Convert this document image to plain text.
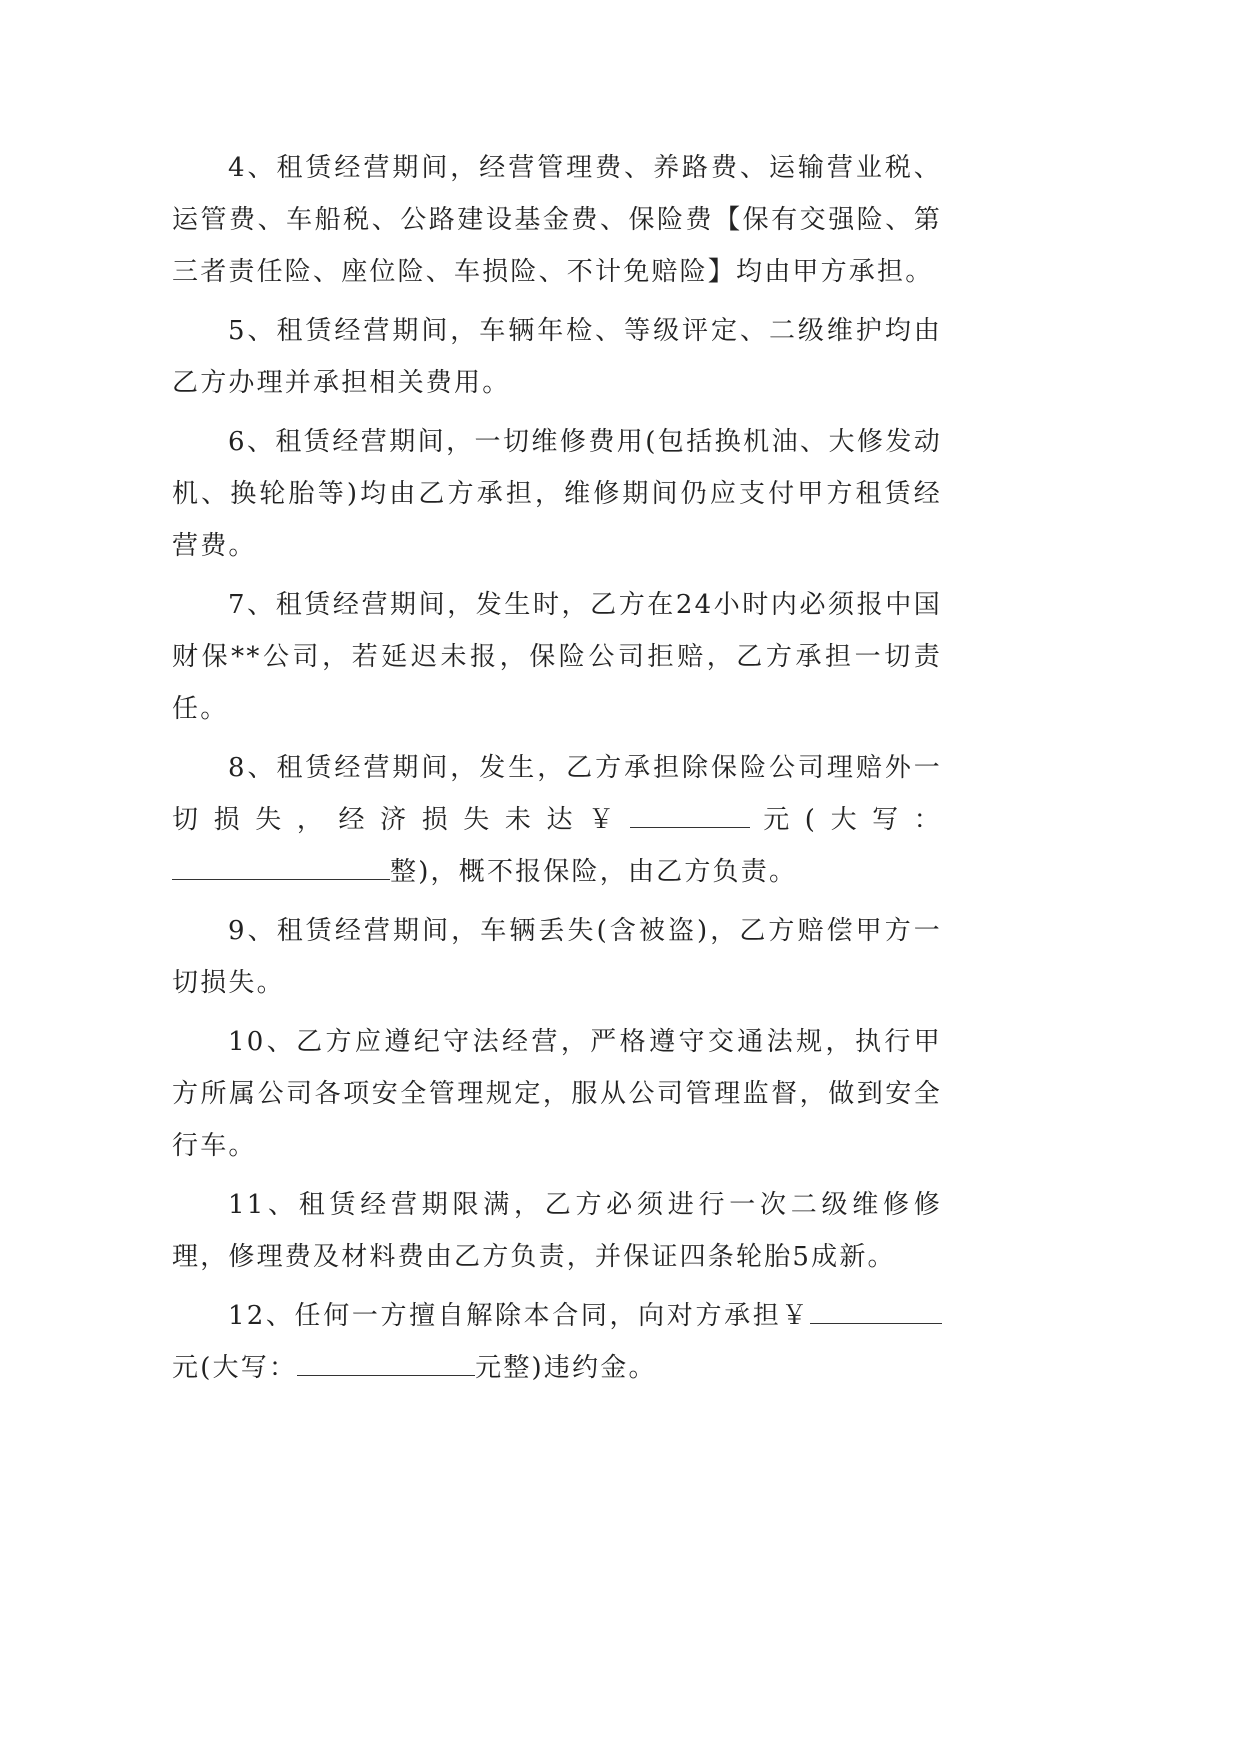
4、租赁经营期间，经营管理费、养路费、运输营业税、运管费、车船税、公路建设基金费、保险费【保有交强险、第三者责任险、座位险、车损险、不计免赔险】均由甲方承担。

5、租赁经营期间，车辆年检、等级评定、二级维护均由乙方办理并承担相关费用。

6、租赁经营期间，一切维修费用(包括换机油、大修发动机、换轮胎等)均由乙方承担，维修期间仍应支付甲方租赁经营费。

7、租赁经营期间，发生时，乙方在24小时内必须报中国财保**公司，若延迟未报，保险公司拒赔，乙方承担一切责任。

8、租赁经营期间，发生，乙方承担除保险公司理赔外一切损失，经济损失未达￥	元(大写：整)，概不报保险，由乙方负责。

9、租赁经营期间，车辆丢失(含被盗)，乙方赔偿甲方一切损失。

10、乙方应遵纪守法经营，严格遵守交通法规，执行甲方所属公司各项安全管理规定，服从公司管理监督，做到安全行车。

11、租赁经营期限满，乙方必须进行一次二级维修修理，修理费及材料费由乙方负责，并保证四条轮胎5成新。

12、任何一方擅自解除本合同，向对方承担￥元(大写：	元整)违约金。
